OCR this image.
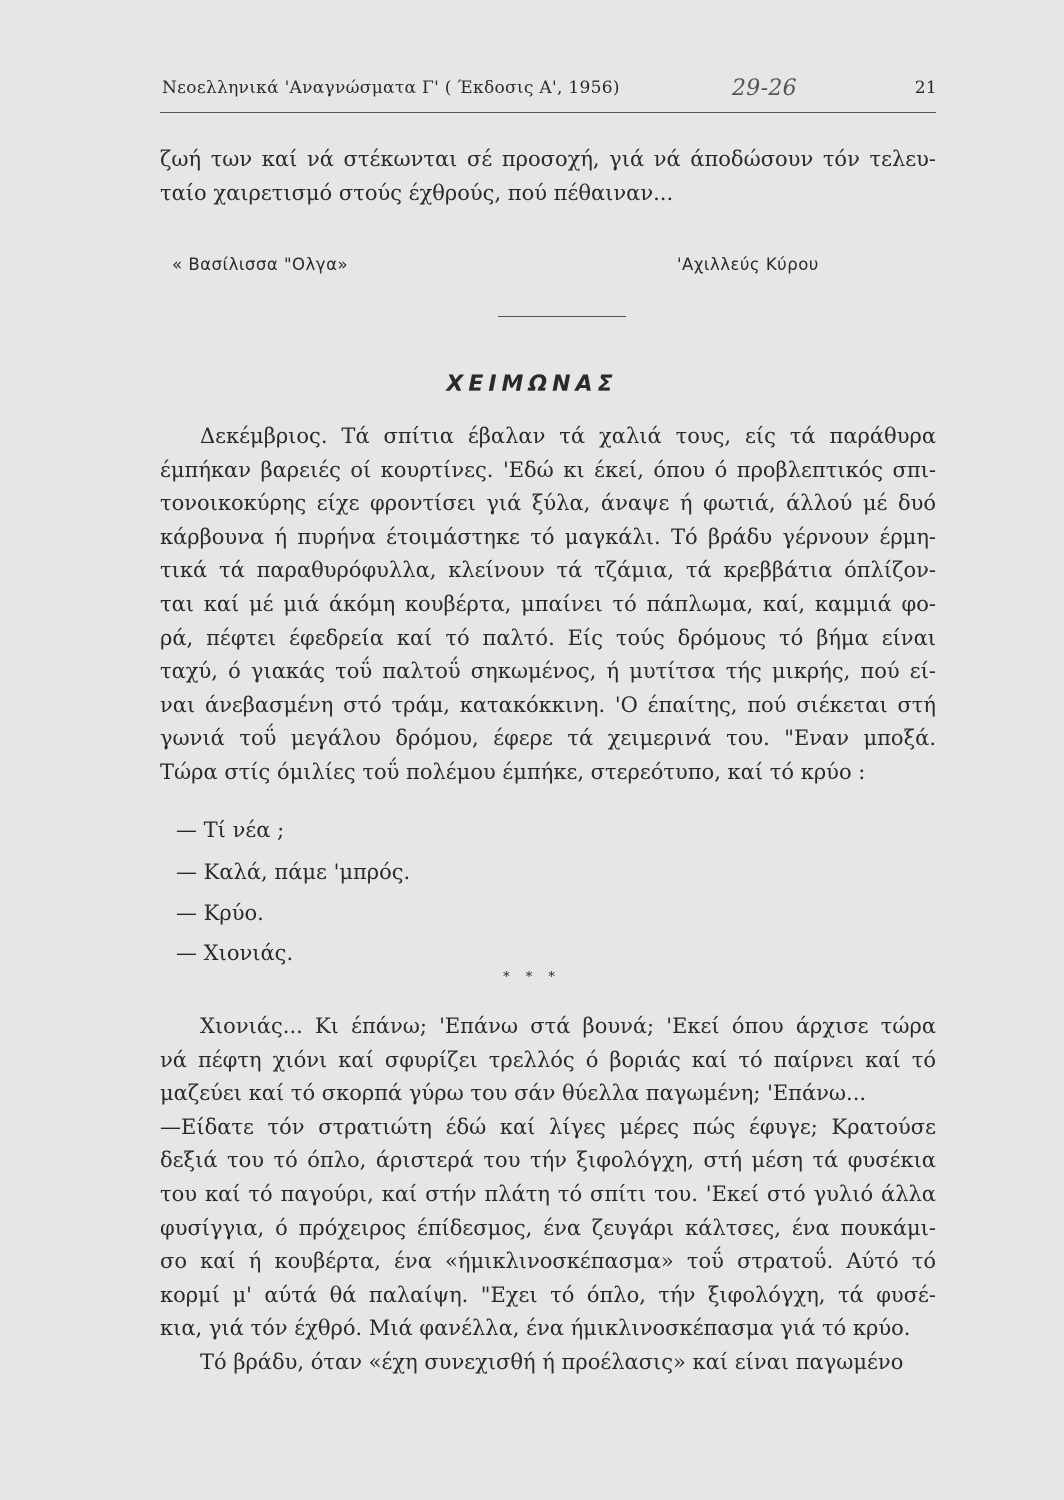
Νεοελληνικά 'Αναγνώσματα Γ' ( Έκδοσις Α', 1956)	29-26	21
ζωή των καί νά στέκωνται σέ προσοχή, γιά νά άποδώσουν τόν τελευ-
ταίο χαιρετισμό στούς έχθρούς, πού πέθαιναν...
« Βασίλισσα "Ολγα»	'Αχιλλεύς Κύρου
ΧΕΙΜΩΝΑΣ
Δεκέμβριος. Τά σπίτια έβαλαν τά χαλιά τους, είς τά παράθυρα
έμπήκαν βαρειές οί κουρτίνες. 'Εδώ κι έκεί, όπου ό προβλεπτικός σπι-
τονοικοκύρης είχε φροντίσει γιά ξύλα, άναψε ή φωτιά, άλλού μέ δυό
κάρβουνα ή πυρήνα έτοιμάστηκε τό μαγκάλι. Τό βράδυ γέρνουν έρμη-
τικά τά παραθυρόφυλλα, κλείνουν τά τζάμια, τά κρεββάτια όπλίζον-
ται καί μέ μιά άκόμη κουβέρτα, μπαίνει τό πάπλωμα, καί, καμμιά φο-
ρά, πέφτει έφεδρεία καί τό παλτό. Είς τούς δρόμους τό βήμα είναι
ταχύ, ό γιακάς τοΰ παλτοΰ σηκωμένος, ή μυτίτσα τής μικρής, πού εί-
ναι άνεβασμένη στό τράμ, κατακόκκινη. 'Ο έπαίτης, πού σιέκεται στή
γωνιά τοΰ μεγάλου δρόμου, έφερε τά χειμερινά του. "Εναν μποξά.
Τώρα στίς όμιλίες τοΰ πολέμου έμπήκε, στερεότυπο, καί τό κρύο :
— Τί νέα ;
— Καλά, πάμε 'μπρός.
— Κρύο.
— Χιονιάς.
* * *
Χιονιάς... Κι έπάνω; 'Επάνω στά βουνά; 'Εκεί όπου άρχισε τώρα
νά πέφτη χιόνι καί σφυρίζει τρελλός ό βοριάς καί τό παίρνει καί τό
μαζεύει καί τό σκορπά γύρω του σάν θύελλα παγωμένη; 'Επάνω...
—Είδατε τόν στρατιώτη έδώ καί λίγες μέρες πώς έφυγε; Κρατούσε
δεξιά του τό όπλο, άριστερά του τήν ξιφολόγχη, στή μέση τά φυσέκια
του καί τό παγούρι, καί στήν πλάτη τό σπίτι του. 'Εκεί στό γυλιό άλλα
φυσίγγια, ό πρόχειρος έπίδεσμος, ένα ζευγάρι κάλτσες, ένα πουκάμι-
σο καί ή κουβέρτα, ένα «ήμικλινοσκέπασμα» τοΰ στρατοΰ. Αύτό τό
κορμί μ' αύτά θά παλαίψη. "Εχει τό όπλο, τήν ξιφολόγχη, τά φυσέ-
κια, γιά τόν έχθρό. Μιά φανέλλα, ένα ήμικλινοσκέπασμα γιά τό κρύο.
Τό βράδυ, όταν «έχη συνεχισθή ή προέλασις» καί είναι παγωμένο
